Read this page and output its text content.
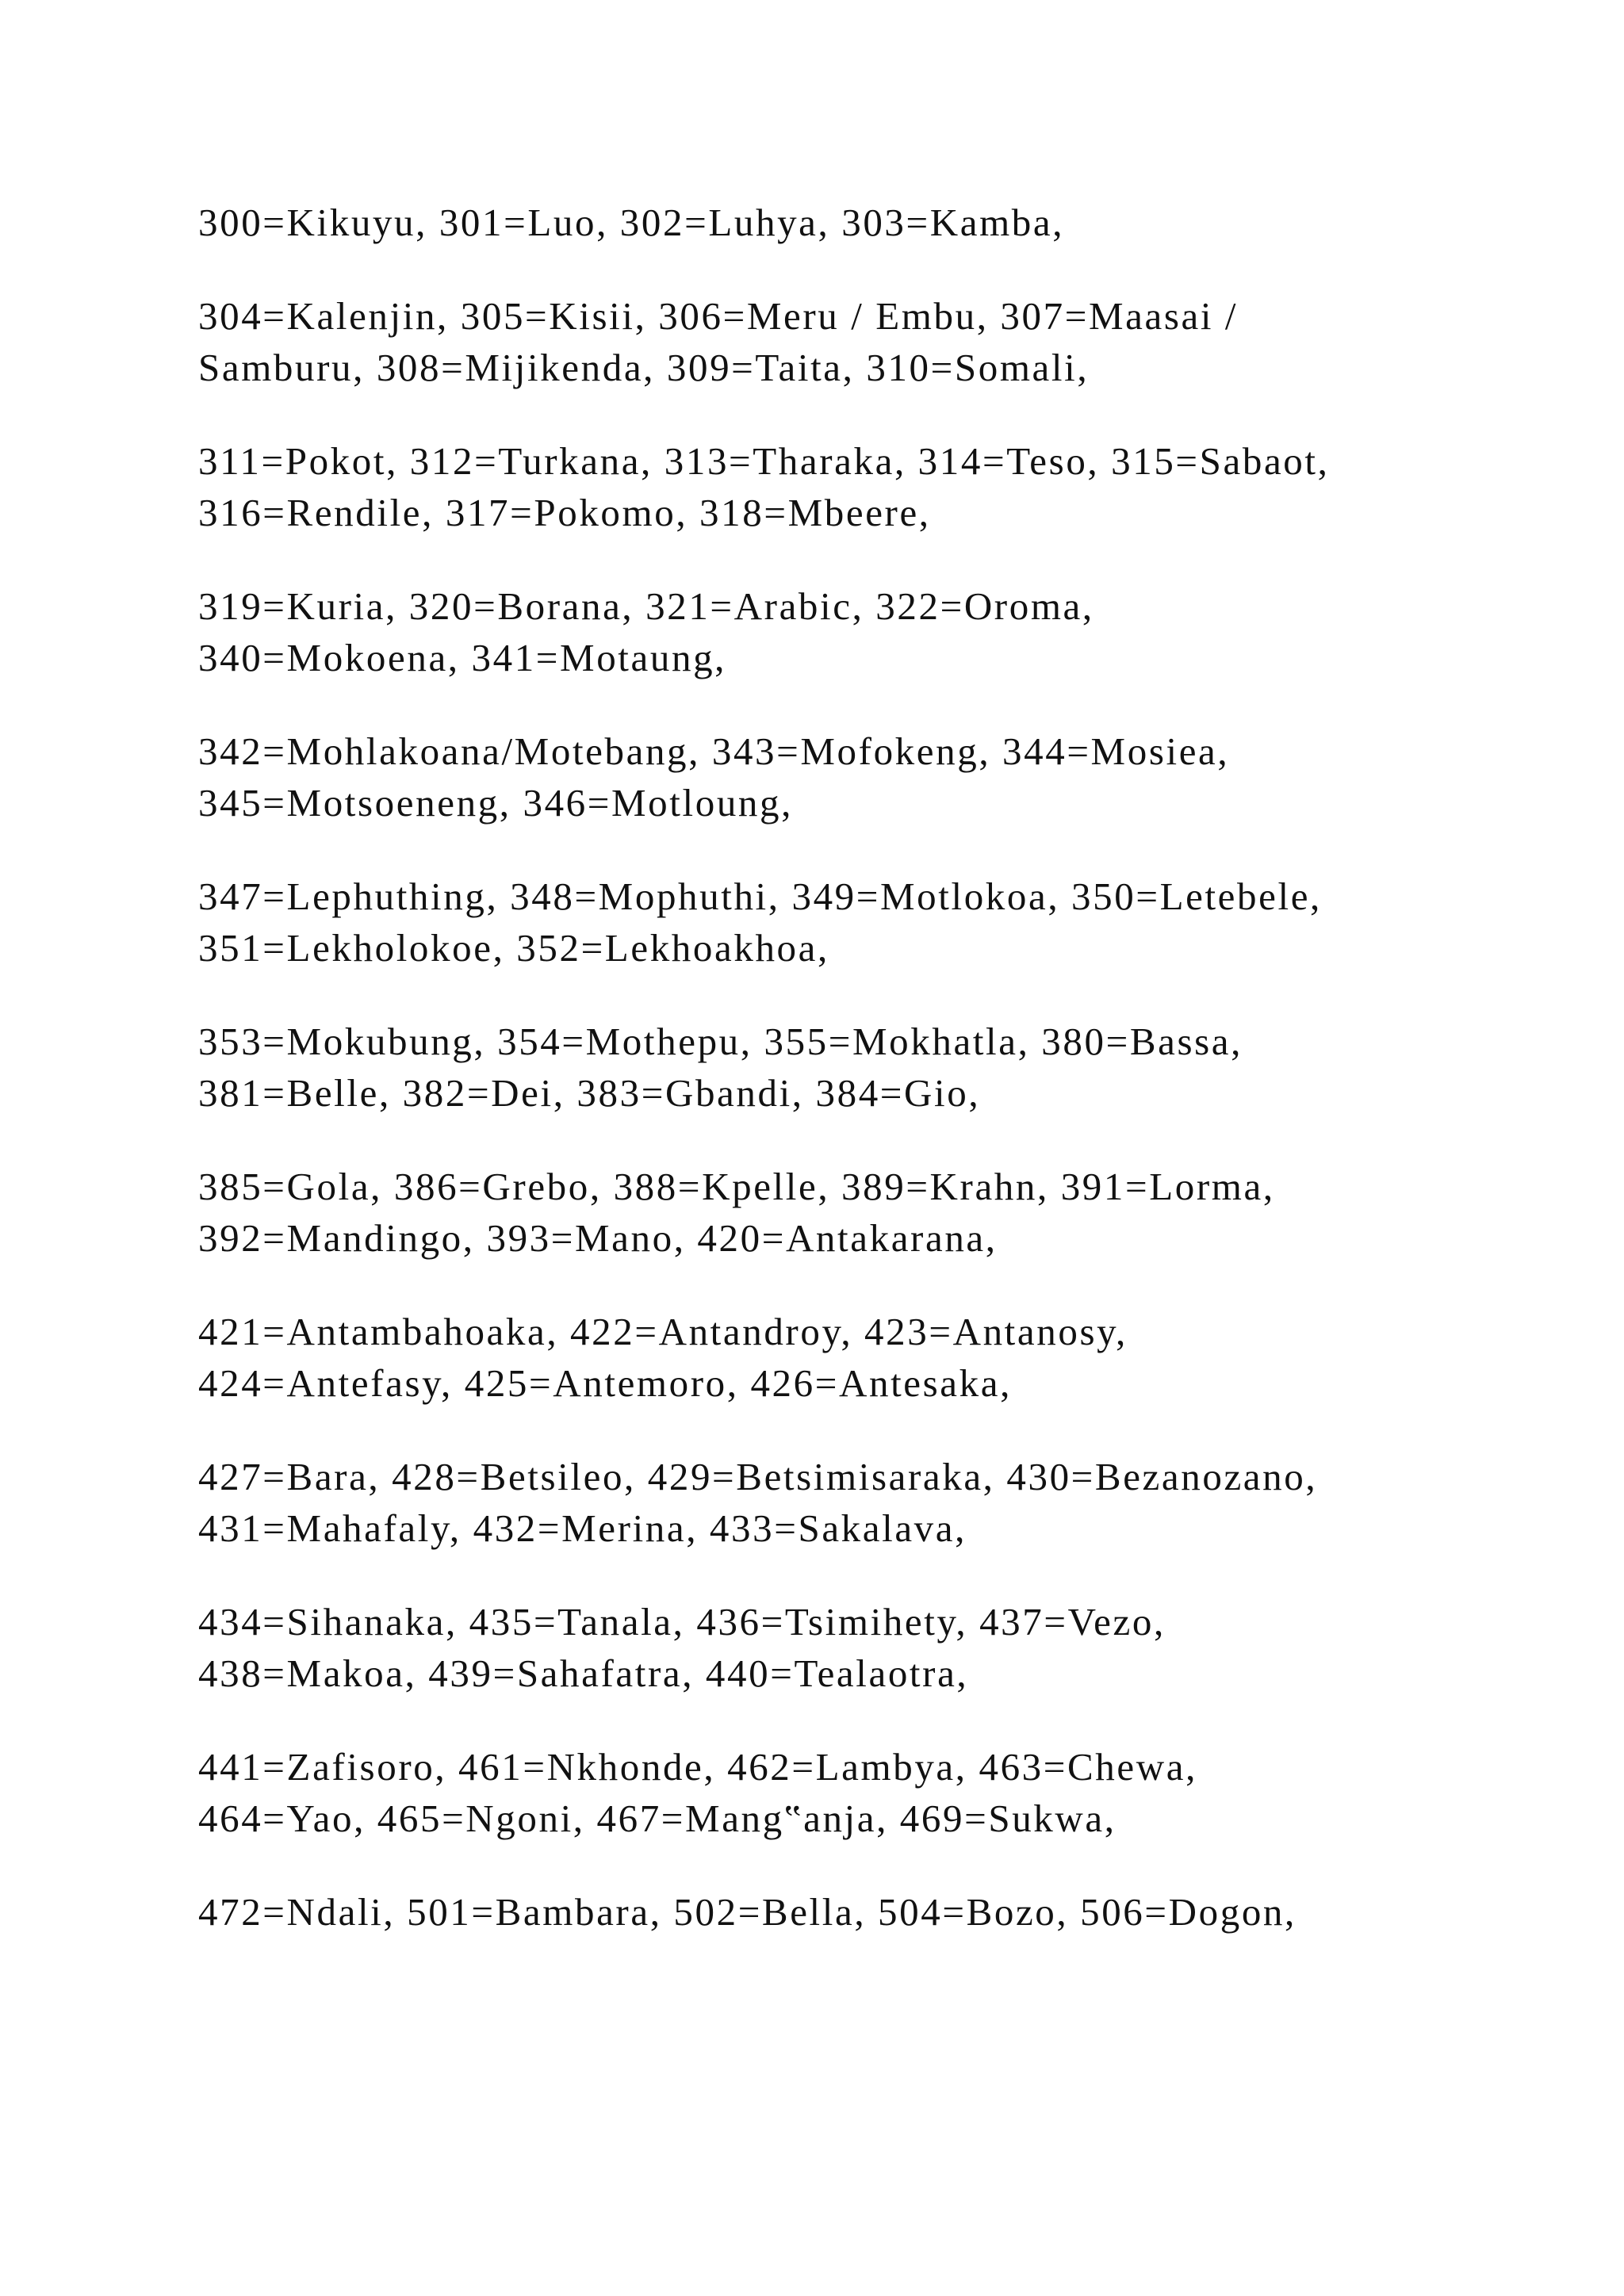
300=Kikuyu, 301=Luo, 302=Luhya, 303=Kamba,

304=Kalenjin, 305=Kisii, 306=Meru / Embu, 307=Maasai /
Samburu, 308=Mijikenda, 309=Taita, 310=Somali,

311=Pokot, 312=Turkana, 313=Tharaka, 314=Teso, 315=Sabaot,
316=Rendile, 317=Pokomo, 318=Mbeere,

319=Kuria, 320=Borana, 321=Arabic, 322=Oroma,
340=Mokoena, 341=Motaung,

342=Mohlakoana/Motebang, 343=Mofokeng, 344=Mosiea,
345=Motsoeneng, 346=Motloung,

347=Lephuthing, 348=Mophuthi, 349=Motlokoa, 350=Letebele,
351=Lekholokoe, 352=Lekhoakhoa,

353=Mokubung, 354=Mothepu, 355=Mokhatla, 380=Bassa,
381=Belle, 382=Dei, 383=Gbandi, 384=Gio,

385=Gola, 386=Grebo, 388=Kpelle, 389=Krahn, 391=Lorma,
392=Mandingo, 393=Mano, 420=Antakarana,

421=Antambahoaka, 422=Antandroy, 423=Antanosy,
424=Antefasy, 425=Antemoro, 426=Antesaka,

427=Bara, 428=Betsileo, 429=Betsimisaraka, 430=Bezanozano,
431=Mahafaly, 432=Merina, 433=Sakalava,

434=Sihanaka, 435=Tanala, 436=Tsimihety, 437=Vezo,
438=Makoa, 439=Sahafatra, 440=Tealaotra,

441=Zafisoro, 461=Nkhonde, 462=Lambya, 463=Chewa,
464=Yao, 465=Ngoni, 467=Mang‟anja, 469=Sukwa,

472=Ndali, 501=Bambara, 502=Bella, 504=Bozo, 506=Dogon,
